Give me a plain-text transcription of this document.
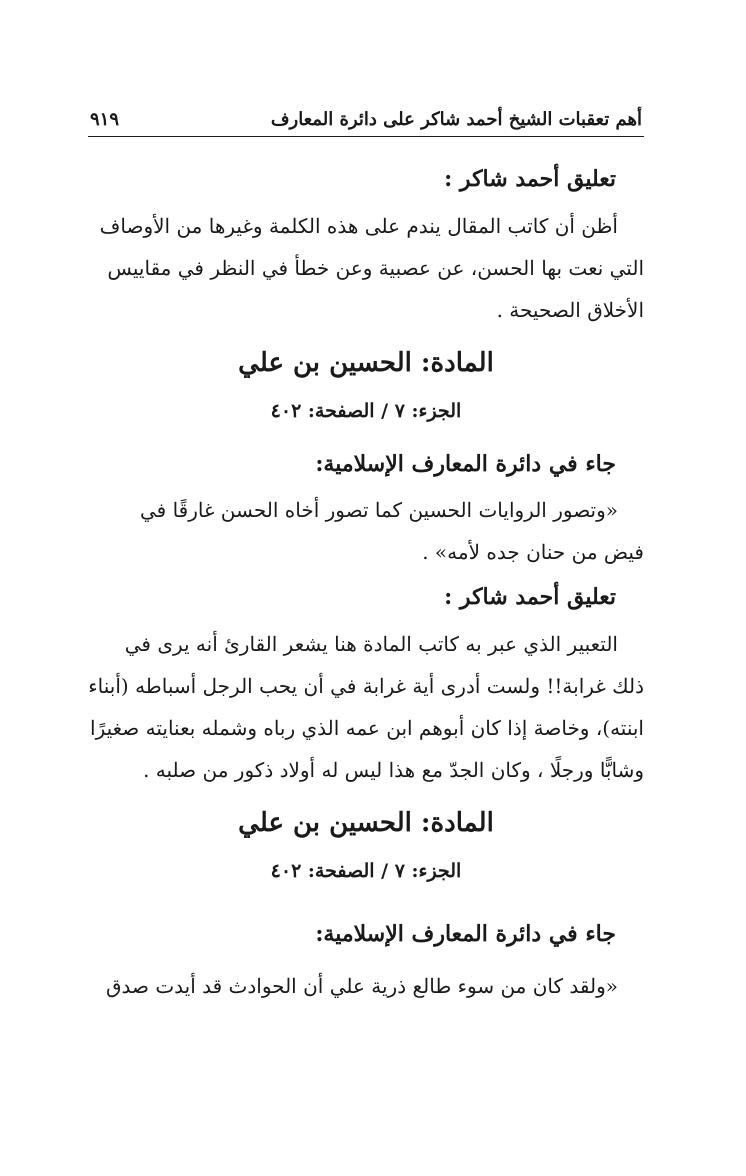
أهم تعقبات الشيخ أحمد شاكر على دائرة المعارف
٩١٩
تعليق أحمد شاكر :

أظن أن كاتب المقال يندم على هذه الكلمة وغيرها من الأوصاف
التي نعت بها الحسن، عن عصبية وعن خطأ في النظر في مقاييس
الأخلاق الصحيحة .

المادة: الحسين بن علي
الجزء: ٧ / الصفحة: ٤٠٢
جاء في دائرة المعارف الإسلامية:

«وتصور الروايات الحسين كما تصور أخاه الحسن غارقًا في
فيض من حنان جده لأمه» .

تعليق أحمد شاكر :

التعبير الذي عبر به كاتب المادة هنا يشعر القارئ أنه يرى في
ذلك غرابة!! ولست أدرى أية غرابة في أن يحب الرجل أسباطه (أبناء
ابنته)، وخاصة إذا كان أبوهم ابن عمه الذي رباه وشمله بعنايته صغيرًا
وشابًّا ورجلًا ، وكان الجدّ مع هذا ليس له أولاد ذكور من صلبه .

المادة: الحسين بن علي
الجزء: ٧ / الصفحة: ٤٠٢
جاء في دائرة المعارف الإسلامية:

«ولقد كان من سوء طالع ذرية علي أن الحوادث قد أيدت صدق
